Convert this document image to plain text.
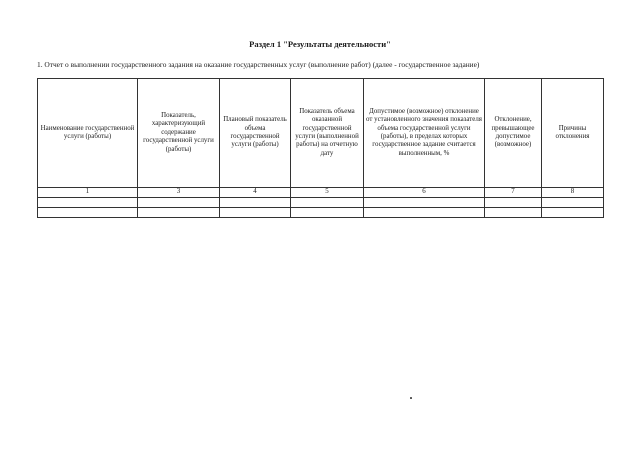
Раздел 1 "Результаты деятельности"
1. Отчет о выполнении государственного задания на оказание государственных услуг (выполнение работ) (далее - государственное задание)
Наименование государственной услуги (работы)	Показатель, характеризующий содержание государственной услуги (работы)	Плановый показатель объема государственной услуги (работы)	Показатель объема оказанной государственной услуги (выполненной работы) на отчетную дату	Допустимое (возможное) отклонение от установленного значения показателя объема государственной услуги (работы), в пределах которых государственное задание считается выполненным, %	Отклонение, превышающее допустимое (возможное)	Причины отклонения
1	3	4	5	6	7	8
